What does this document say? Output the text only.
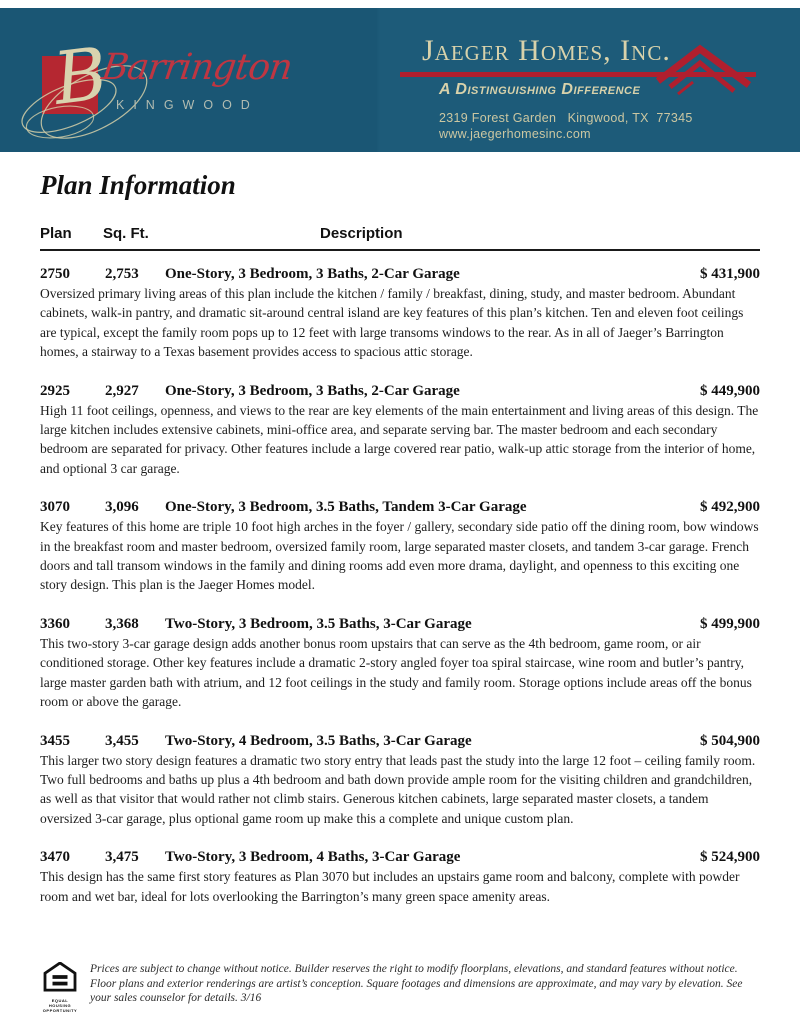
B
Barrington
KINGWOOD
Jaeger Homes, Inc.
A Distinguishing Difference
2319 Forest Garden   Kingwood, TX  77345
www.jaegerhomesinc.com
Plan Information
Plan	Sq. Ft.	Description
2750	2,753	One-Story, 3 Bedroom, 3 Baths, 2-Car Garage	$ 431,900
Oversized primary living areas of this plan include the kitchen / family / breakfast, dining, study, and master bedroom. Abundant cabinets, walk-in pantry, and dramatic sit-around central island are key features of this plan’s kitchen. Ten and eleven foot ceilings are typical, except the family room pops up to 12 feet with large transoms windows to the rear. As in all of Jaeger’s Barrington homes, a stairway to a Texas basement provides access to spacious attic storage.
2925	2,927	One-Story, 3 Bedroom, 3 Baths, 2-Car Garage	$ 449,900
High 11 foot ceilings, openness, and views to the rear are key elements of the main entertainment and living areas of this design. The large kitchen includes extensive cabinets, mini-office area, and separate serving bar. The master bedroom and each secondary bedroom are separated for privacy. Other features include a large covered rear patio, walk-up attic storage from the interior of home, and optional 3 car garage.
3070	3,096	One-Story, 3 Bedroom, 3.5 Baths, Tandem 3-Car Garage	$ 492,900
Key features of this home are triple 10 foot high arches in the foyer / gallery, secondary side patio off the dining room, bow windows in the breakfast room and master bedroom, oversized family room, large separated master closets, and tandem 3-car garage. French doors and tall transom windows in the family and dining rooms add even more drama, daylight, and openness to this exciting one story design. This plan is the Jaeger Homes model.
3360	3,368	Two-Story, 3 Bedroom, 3.5 Baths, 3-Car Garage	$ 499,900
This two-story 3-car garage design adds another bonus room upstairs that can serve as the 4th bedroom, game room, or air conditioned storage. Other key features include a dramatic 2-story angled foyer toa spiral staircase, wine room and butler’s pantry, large master garden bath with atrium, and 12 foot ceilings in the study and family room. Storage options include areas off the bonus room or above the garage.
3455	3,455	Two-Story, 4 Bedroom, 3.5 Baths, 3-Car Garage	$ 504,900
This larger two story design features a dramatic two story entry that leads past the study into the large 12 foot – ceiling family room. Two full bedrooms and baths up plus a 4th bedroom and bath down provide ample room for the visiting children and grandchildren, as well as that visitor that would rather not climb stairs. Generous kitchen cabinets, large separated master closets, a tandem oversized 3-car garage, plus optional game room up make this a complete and unique custom plan.
3470	3,475	Two-Story, 3 Bedroom, 4 Baths, 3-Car Garage	$ 524,900
This design has the same first story features as Plan 3070 but includes an upstairs game room and balcony, complete with powder room and wet bar, ideal for lots overlooking the Barrington’s many green space amenity areas.
EQUAL HOUSING OPPORTUNITY
Prices are subject to change without notice. Builder reserves the right to modify floorplans, elevations, and standard features without notice. Floor plans and exterior renderings are artist’s conception. Square footages and dimensions are approximate, and may vary by elevation. See your sales counselor for details. 3/16
